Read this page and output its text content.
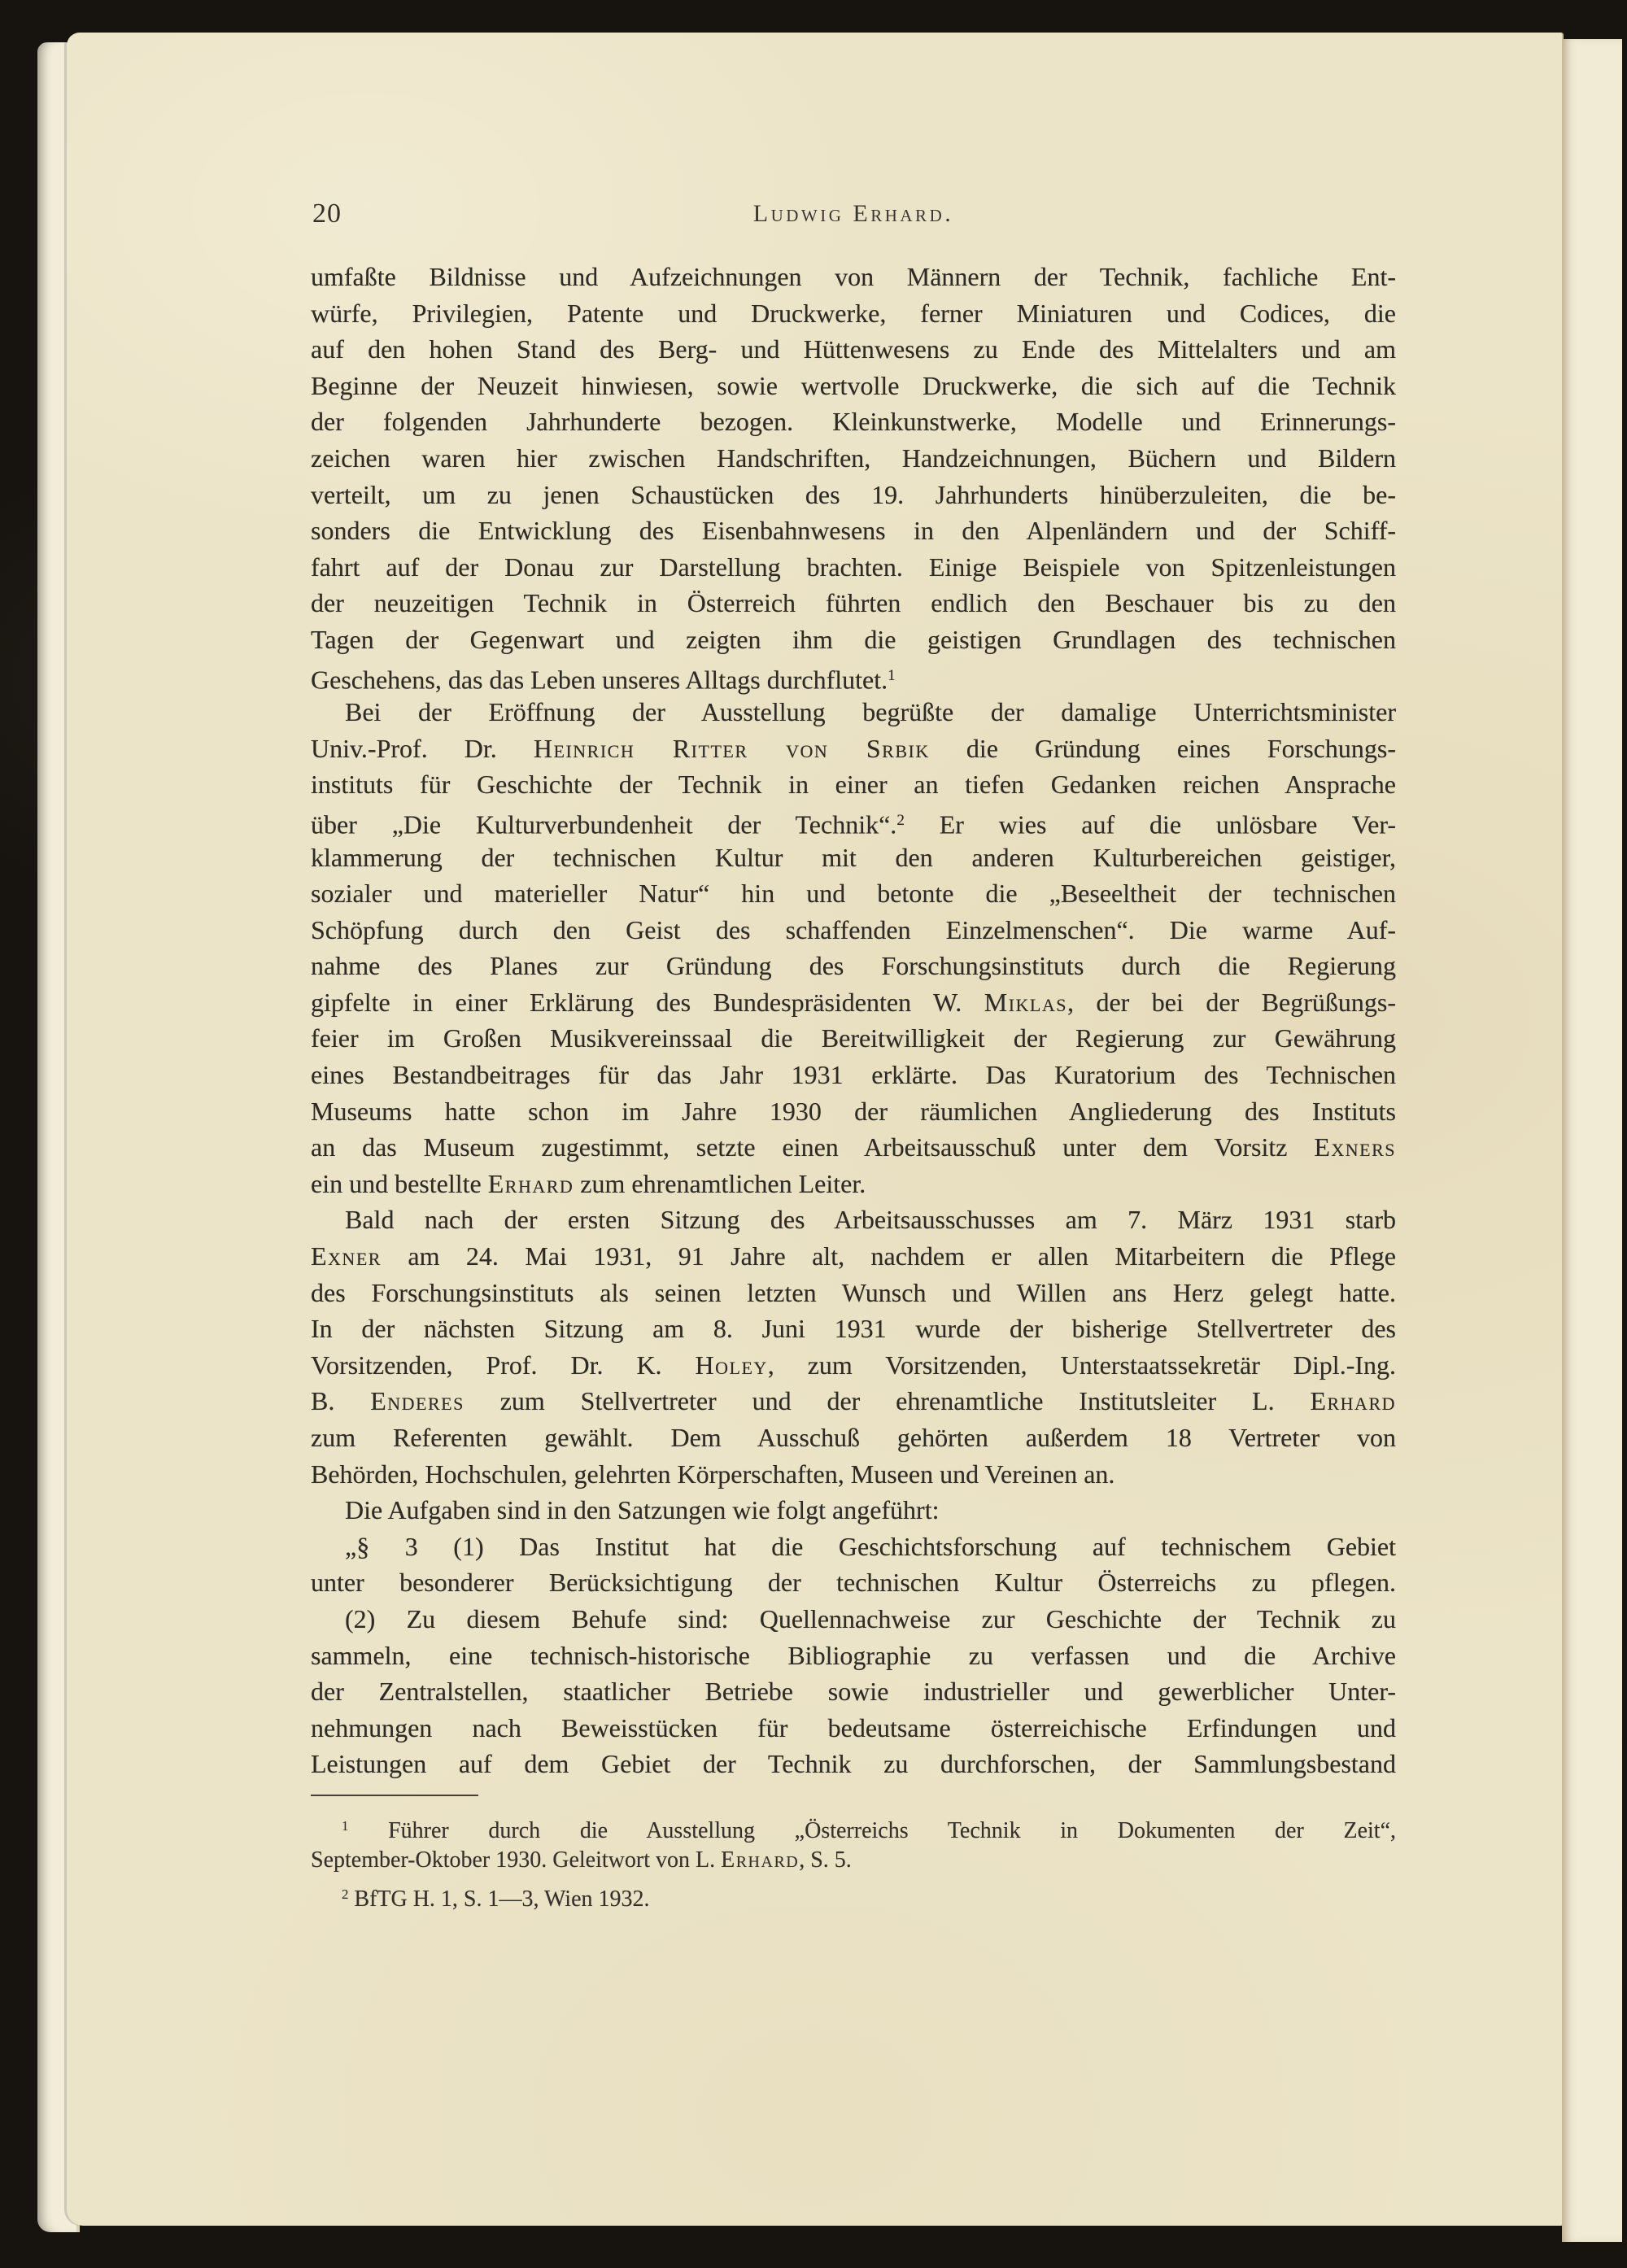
20	Ludwig Erhard.
umfaßte Bildnisse und Aufzeichnungen von Männern der Technik, fachliche Ent-
würfe, Privilegien, Patente und Druckwerke, ferner Miniaturen und Codices, die
auf den hohen Stand des Berg- und Hüttenwesens zu Ende des Mittelalters und am
Beginne der Neuzeit hinwiesen, sowie wertvolle Druckwerke, die sich auf die Technik
der folgenden Jahrhunderte bezogen. Kleinkunstwerke, Modelle und Erinnerungs-
zeichen waren hier zwischen Handschriften, Handzeichnungen, Büchern und Bildern
verteilt, um zu jenen Schaustücken des 19. Jahrhunderts hinüberzuleiten, die be-
sonders die Entwicklung des Eisenbahnwesens in den Alpenländern und der Schiff-
fahrt auf der Donau zur Darstellung brachten. Einige Beispiele von Spitzenleistungen
der neuzeitigen Technik in Österreich führten endlich den Beschauer bis zu den
Tagen der Gegenwart und zeigten ihm die geistigen Grundlagen des technischen
Geschehens, das das Leben unseres Alltags durchflutet.$^1$
Bei der Eröffnung der Ausstellung begrüßte der damalige Unterrichtsminister
Univ.-Prof. Dr. Heinrich Ritter von Srbik die Gründung eines Forschungs-
instituts für Geschichte der Technik in einer an tiefen Gedanken reichen Ansprache
über „Die Kulturverbundenheit der Technik“.$^2$ Er wies auf die unlösbare Ver-
klammerung der technischen Kultur mit den anderen Kulturbereichen geistiger,
sozialer und materieller Natur“ hin und betonte die „Beseeltheit der technischen
Schöpfung durch den Geist des schaffenden Einzelmenschen“. Die warme Auf-
nahme des Planes zur Gründung des Forschungsinstituts durch die Regierung
gipfelte in einer Erklärung des Bundespräsidenten W. Miklas, der bei der Begrüßungs-
feier im Großen Musikvereinssaal die Bereitwilligkeit der Regierung zur Gewährung
eines Bestandbeitrages für das Jahr 1931 erklärte. Das Kuratorium des Technischen
Museums hatte schon im Jahre 1930 der räumlichen Angliederung des Instituts
an das Museum zugestimmt, setzte einen Arbeitsausschuß unter dem Vorsitz Exners
ein und bestellte Erhard zum ehrenamtlichen Leiter.
Bald nach der ersten Sitzung des Arbeitsausschusses am 7. März 1931 starb
Exner am 24. Mai 1931, 91 Jahre alt, nachdem er allen Mitarbeitern die Pflege
des Forschungsinstituts als seinen letzten Wunsch und Willen ans Herz gelegt hatte.
In der nächsten Sitzung am 8. Juni 1931 wurde der bisherige Stellvertreter des
Vorsitzenden, Prof. Dr. K. Holey, zum Vorsitzenden, Unterstaatssekretär Dipl.-Ing.
B. Enderes zum Stellvertreter und der ehrenamtliche Institutsleiter L. Erhard
zum Referenten gewählt. Dem Ausschuß gehörten außerdem 18 Vertreter von
Behörden, Hochschulen, gelehrten Körperschaften, Museen und Vereinen an.
Die Aufgaben sind in den Satzungen wie folgt angeführt:
„§ 3 (1) Das Institut hat die Geschichtsforschung auf technischem Gebiet
unter besonderer Berücksichtigung der technischen Kultur Österreichs zu pflegen.
(2) Zu diesem Behufe sind: Quellennachweise zur Geschichte der Technik zu
sammeln, eine technisch-historische Bibliographie zu verfassen und die Archive
der Zentralstellen, staatlicher Betriebe sowie industrieller und gewerblicher Unter-
nehmungen nach Beweisstücken für bedeutsame österreichische Erfindungen und
Leistungen auf dem Gebiet der Technik zu durchforschen, der Sammlungsbestand
$^1$ Führer durch die Ausstellung „Österreichs Technik in Dokumenten der Zeit“,
September-Oktober 1930. Geleitwort von L. Erhard, S. 5.
$^2$ BfTG H. 1, S. 1—3, Wien 1932.
